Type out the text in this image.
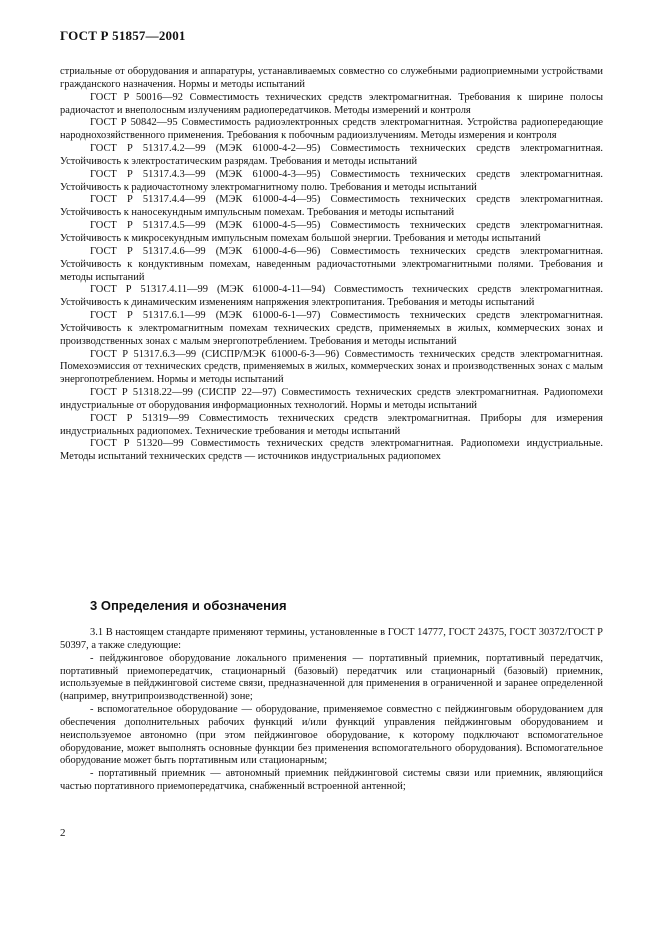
ГОСТ Р 51857—2001

стриальные от оборудования и аппаратуры, устанавливаемых совместно со служебными радиоприемными устройствами гражданского назначения. Нормы и методы испытаний

ГОСТ Р 50016—92 Совместимость технических средств электромагнитная. Требования к ширине полосы радиочастот и внеполосным излучениям радиопередатчиков. Методы измерений и контроля

ГОСТ Р 50842—95 Совместимость радиоэлектронных средств электромагнитная. Устройства радиопередающие народнохозяйственного применения. Требования к побочным радиоизлучениям. Методы измерения и контроля

ГОСТ Р 51317.4.2—99 (МЭК 61000-4-2—95) Совместимость технических средств электромагнитная. Устойчивость к электростатическим разрядам. Требования и методы испытаний

ГОСТ Р 51317.4.3—99 (МЭК 61000-4-3—95) Совместимость технических средств электромагнитная. Устойчивость к радиочастотному электромагнитному полю. Требования и методы испытаний

ГОСТ Р 51317.4.4—99 (МЭК 61000-4-4—95) Совместимость технических средств электромагнитная. Устойчивость к наносекундным импульсным помехам. Требования и методы испытаний

ГОСТ Р 51317.4.5—99 (МЭК 61000-4-5—95) Совместимость технических средств электромагнитная. Устойчивость к микросекундным импульсным помехам большой энергии. Требования и методы испытаний

ГОСТ Р 51317.4.6—99 (МЭК 61000-4-6—96) Совместимость технических средств электромагнитная. Устойчивость к кондуктивным помехам, наведенным радиочастотными электромагнитными полями. Требования и методы испытаний

ГОСТ Р 51317.4.11—99 (МЭК 61000-4-11—94) Совместимость технических средств электромагнитная. Устойчивость к динамическим изменениям напряжения электропитания. Требования и методы испытаний

ГОСТ Р 51317.6.1—99 (МЭК 61000-6-1—97) Совместимость технических средств электромагнитная. Устойчивость к электромагнитным помехам технических средств, применяемых в жилых, коммерческих зонах и производственных зонах с малым энергопотреблением. Требования и методы испытаний

ГОСТ Р 51317.6.3—99 (СИСПР/МЭК 61000-6-3—96) Совместимость технических средств электромагнитная. Помехоэмиссия от технических средств, применяемых в жилых, коммерческих зонах и производственных зонах с малым энергопотреблением. Нормы и методы испытаний

ГОСТ Р 51318.22—99 (СИСПР 22—97) Совместимость технических средств электромагнитная. Радиопомехи индустриальные от оборудования информационных технологий. Нормы и методы испытаний

ГОСТ Р 51319—99 Совместимость технических средств электромагнитная. Приборы для измерения индустриальных радиопомех. Технические требования и методы испытаний

ГОСТ Р 51320—99 Совместимость технических средств электромагнитная. Радиопомехи индустриальные. Методы испытаний технических средств — источников индустриальных радиопомех

3 Определения и обозначения

3.1 В настоящем стандарте применяют термины, установленные в ГОСТ 14777, ГОСТ 24375, ГОСТ 30372/ГОСТ Р 50397, а также следующие:

- пейджинговое оборудование локального применения — портативный приемник, портативный передатчик, портативный приемопередатчик, стационарный (базовый) передатчик или стационарный (базовый) приемник, используемые в пейджинговой системе связи, предназначенной для применения в ограниченной и заранее определенной (например, внутрипроизводственной) зоне;

- вспомогательное оборудование — оборудование, применяемое совместно с пейджинговым оборудованием для обеспечения дополнительных рабочих функций и/или функций управления пейджинговым оборудованием и неиспользуемое автономно (при этом пейджинговое оборудование, к которому подключают вспомогательное оборудование, может выполнять основные функции без применения вспомогательного оборудования). Вспомогательное оборудование может быть портативным или стационарным;

- портативный приемник — автономный приемник пейджинговой системы связи или приемник, являющийся частью портативного приемопередатчика, снабженный встроенной антенной;

2
